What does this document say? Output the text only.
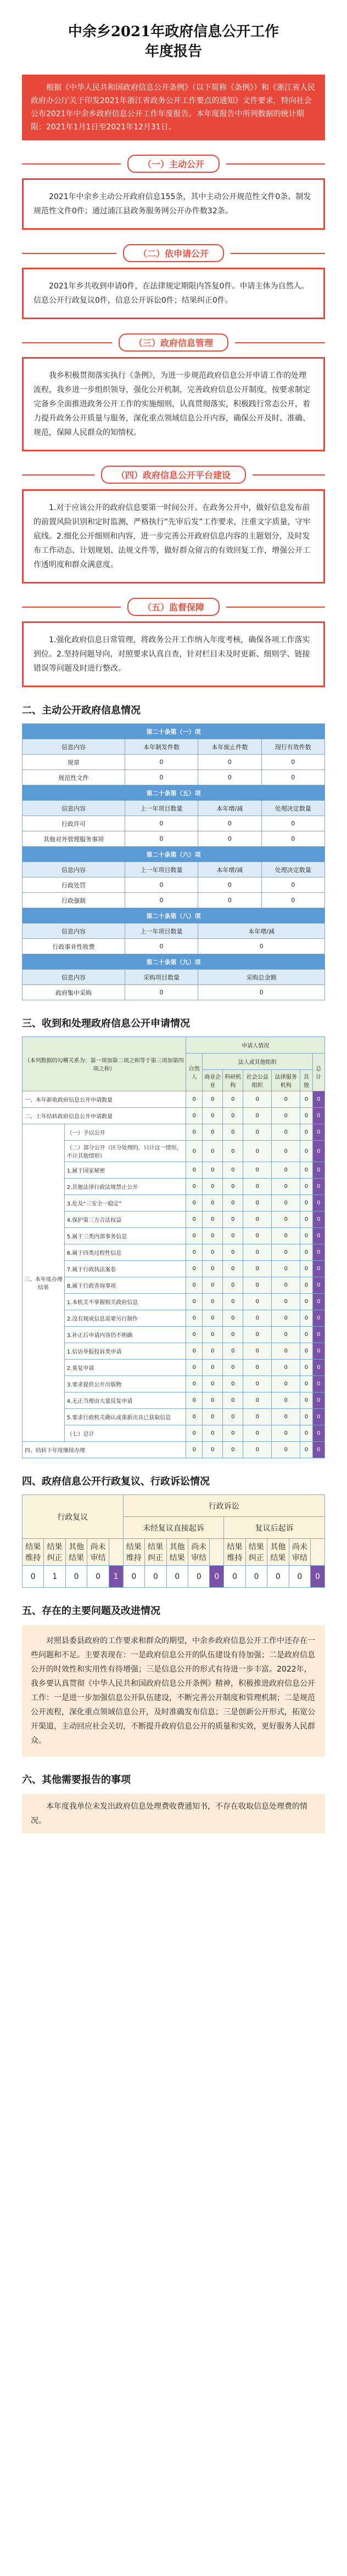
中余乡2021年政府信息公开工作
年度报告
根据《中华人民共和国政府信息公开条例》（以下简称《条例》）和《浙江省人民政府办公厅关于印发2021年浙江省政务公开工作要点的通知》文件要求，特向社会公布2021年中余乡政府信息公开工作年度报告。本年度报告中所列数据的统计期限：2021年1月1日至2021年12月31日。
（一）主动公开
2021年中余乡主动公开政府信息155条，其中主动公开规范性文件0条、制发规范性文件0件；通过浦江县政务服务网公开办件数32条。
（二）依申请公开
2021年乡共收到申请0件，在法律规定期限内答复0件。申请主体为自然人。信息公开行政复议0件，信息公开诉讼0件；结果纠正0件。
（三）政府信息管理
我乡积极贯彻落实执行《条例》，为进一步规范政府信息公开申请工作的处理流程，我乡进一步组织领导，强化公开机制，完善政府信息公开制度，按要求制定完备乡全面推进政务公开工作的实施细则，认真贯彻落实，积极践行常态公开，着力提升政务公开质量与服务，深化重点领域信息公开内容，确保公开及时、准确、规范，保障人民群众的知情权。
（四）政府信息公开平台建设
1.对于应该公开的政府信息要第一时间公开。在政务公开中，做好信息发布前的前置风险识别和定时监测，严格执行“先审后发”工作要求，注重文字质量，守牢底线。2.细化公开细则和内容，进一步完善公开政府信息内容的主题划分，及时发布工作动态、计划规划、法规文件等，做好群众留言的有效回复工作，增强公开工作透明度和群众满意度。
（五）监督保障
1.强化政府信息日常管理，将政务公开工作纳入年度考核，确保各项工作落实到位。2.坚持问题导向，对照要求认真自查，针对栏目未及时更新、细则学、链接错误等问题及时进行整改。
二、主动公开政府信息情况
第二十条第（一）项			
信息内容	本年制发件数	本年废止件数	现行有效件数
规章	0	0	0
规范性文件	0	0	0
第二十条第（五）项			
信息内容	上一年项目数量	本年增/减	处理决定数量
行政许可	0	0	0
其他对外管理服务事项	0	0	0
第二十条第（六）项			
信息内容	上一年项目数量	本年增/减	处理决定数量
行政处罚	0	0	0
行政强制	0	0	0
第二十条第（八）项			
信息内容	上一年项目数量	本年增/减	
行政事业性收费	0	0	
第二十条第（九）项			
信息内容	采购项目数量	采购总金额	
政府集中采购	0	0	
三、收到和处理政府信息公开申请情况
（本列数据的勾稽关系为：第一项加第二项之和等于第三项加第四项之和）		申请人情况						
		自然人	法人或其他组织					总计
			商业企业	科研机构	社会公益组织	法律服务机构	其他	
一、本年新收政府信息公开申请数量		0	0	0	0	0	0	0
二、上年结转政府信息公开申请数量		0	0	0	0	0	0	0
三、本年度办理结果	（一）予以公开	0	0	0	0	0	0	0
	（二）部分公开（区分处理的，只计这一情形，不计其他情形）	0	0	0	0	0	0	0
	1.属于国家秘密	0	0	0	0	0	0	0
	2.其他法律行政法规禁止公开	0	0	0	0	0	0	0
	3.危及“三安全一稳定”	0	0	0	0	0	0	0
	4.保护第三方合法权益	0	0	0	0	0	0	0
	5.属于三类内部事务信息	0	0	0	0	0	0	0
	6.属于四类过程性信息	0	0	0	0	0	0	0
	7.属于行政执法案卷	0	0	0	0	0	0	0
	8.属于行政查询事项	0	0	0	0	0	0	0
	1.本机关不掌握相关政府信息	0	0	0	0	0	0	0
	2.没有现成信息需要另行制作	0	0	0	0	0	0	0
	3.补正后申请内容仍不明确	0	0	0	0	0	0	0
	1.信访举报投诉类申请	0	0	0	0	0	0	0
	2.重复申请	0	0	0	0	0	0	0
	3.要求提供公开出版物	0	0	0	0	0	0	0
	4.无正当理由大量反复申请	0	0	0	0	0	0	0
	5.要求行政机关确认或重新出具已获取信息	0	0	0	0	0	0	0
	（七）总计	0	0	0	0	0	0	0
四、结转下年度继续办理		0	0	0	0	0	0	0
四、政府信息公开行政复议、行政诉讼情况
行政复议					行政诉讼									
					未经复议直接起诉					复议后起诉				
结果维持	结果纠正	其他结果	尚未审结	总计	结果维持	结果纠正	其他结果	尚未审结	总计	结果维持	结果纠正	其他结果	尚未审结	总计
0	1	0	0	1	0	0	0	0	0	0	0	0	0	0
五、存在的主要问题及改进情况
对照县委县政府的工作要求和群众的期望，中余乡政府信息公开工作中还存在一些问题和不足。主要表现在：一是政府信息公开的队伍建设有待加强；二是政府信息公开的时效性和实用性有待增强；三是信息公开的形式有待进一步丰富。2022年，我乡要认真贯彻《中华人民共和国政府信息公开条例》精神，积极推进政府信息公开工作：一是进一步加强信息公开队伍建设，不断完善公开制度和管理机制；二是规范公开流程，深化重点领域信息公开，及时准确发布信息；三是创新公开形式，拓宽公开渠道，主动回应社会关切，不断提升政府信息公开的质量和实效，更好服务人民群众。
六、其他需要报告的事项
本年度我单位未发出政府信息处理费收费通知书，不存在收取信息处理费的情况。
